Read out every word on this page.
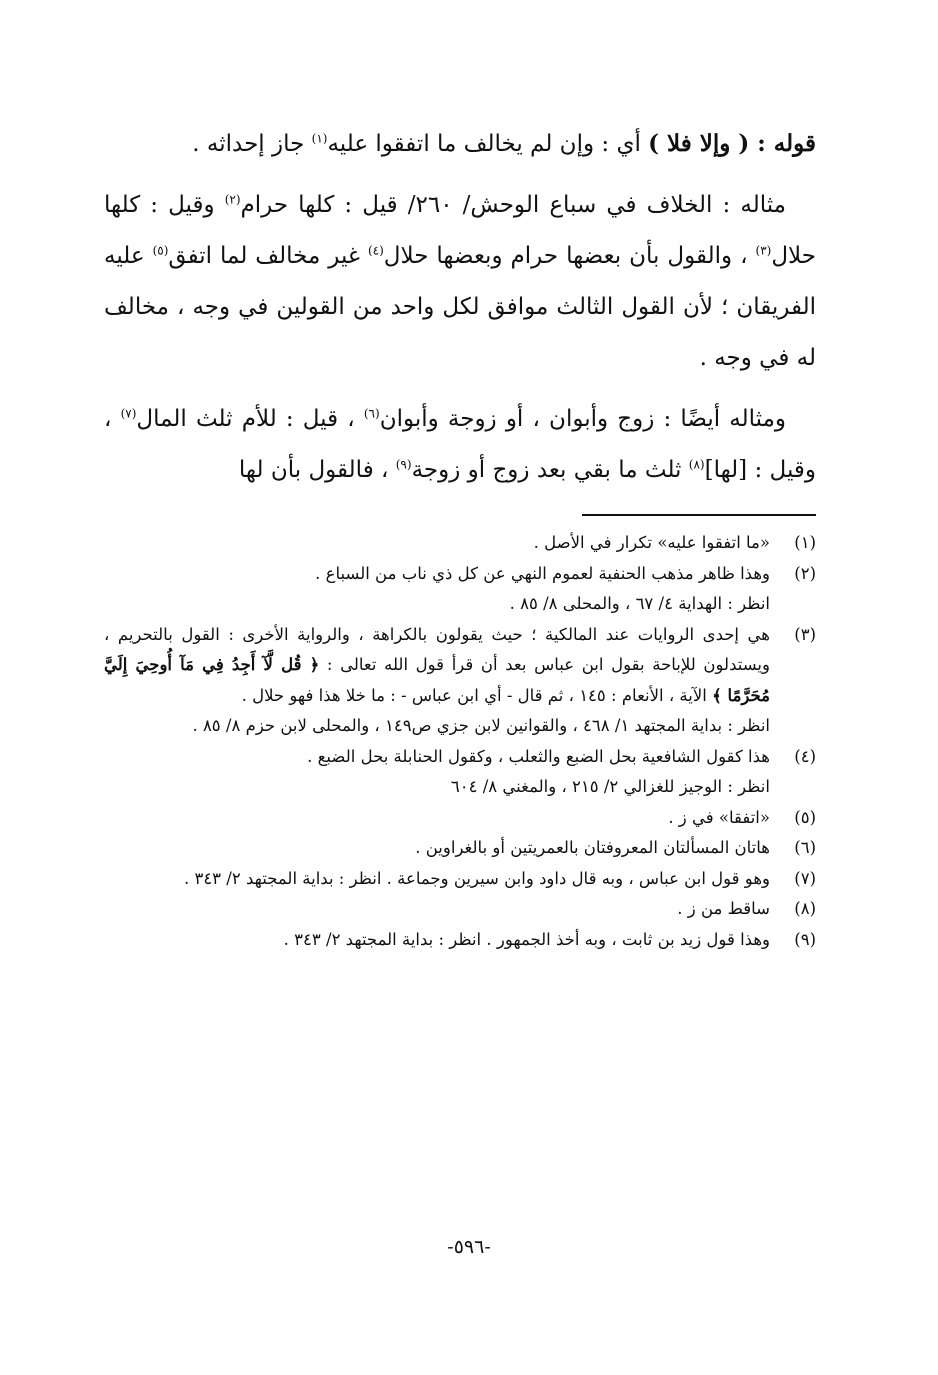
قوله : ( وإلا فلا ) أي : وإن لم يخالف ما اتفقوا عليه$^{(١)}$ جاز إحداثه .

مثاله : الخلاف في سباع الوحش/ ٢٦٠/ قيل : كلها حرام$^{(٢)}$ وقيل : كلها حلال$^{(٣)}$ ، والقول بأن بعضها حرام وبعضها حلال$^{(٤)}$ غير مخالف لما اتفق$^{(٥)}$ عليه الفريقان ؛ لأن القول الثالث موافق لكل واحد من القولين في وجه ، مخالف له في وجه .

ومثاله أيضًا : زوج وأبوان ، أو زوجة وأبوان$^{(٦)}$ ، قيل : للأم ثلث المال$^{(٧)}$ ، وقيل : [لها]$^{(٨)}$ ثلث ما بقي بعد زوج أو زوجة$^{(٩)}$ ، فالقول بأن لها

(١)
«ما اتفقوا عليه» تكرار في الأصل .
(٢)
وهذا ظاهر مذهب الحنفية لعموم النهي عن كل ذي ناب من السباع .
انظر : الهداية ٤/ ٦٧ ، والمحلى ٨/ ٨٥ .
(٣)
هي إحدى الروايات عند المالكية ؛ حيث يقولون بالكراهة ، والرواية الأخرى : القول بالتحريم ، ويستدلون للإباحة بقول ابن عباس بعد أن قرأ قول الله تعالى : ﴿ قُل لَّآ أَجِدُ فِي مَآ أُوحِيَ إِلَيَّ مُحَرَّمًا ﴾ الآية ، الأنعام : ١٤٥ ، ثم قال - أي ابن عباس - : ما خلا هذا فهو حلال .
انظر : بداية المجتهد ١/ ٤٦٨ ، والقوانين لابن جزي ص١٤٩ ، والمحلى لابن حزم ٨/ ٨٥ .
(٤)
هذا كقول الشافعية بحل الضبع والثعلب ، وكقول الحنابلة بحل الضبع .
انظر : الوجيز للغزالي ٢/ ٢١٥ ، والمغني ٨/ ٦٠٤
(٥)
«اتفقا» في ز .
(٦)
هاتان المسألتان المعروفتان بالعمريتين أو بالغراوين .
(٧)
وهو قول ابن عباس ، وبه قال داود وابن سيرين وجماعة . انظر : بداية المجتهد ٢/ ٣٤٣ .
(٨)
ساقط من ز .
(٩)
وهذا قول زيد بن ثابت ، وبه أخذ الجمهور . انظر : بداية المجتهد ٢/ ٣٤٣ .
-٥٩٦-
